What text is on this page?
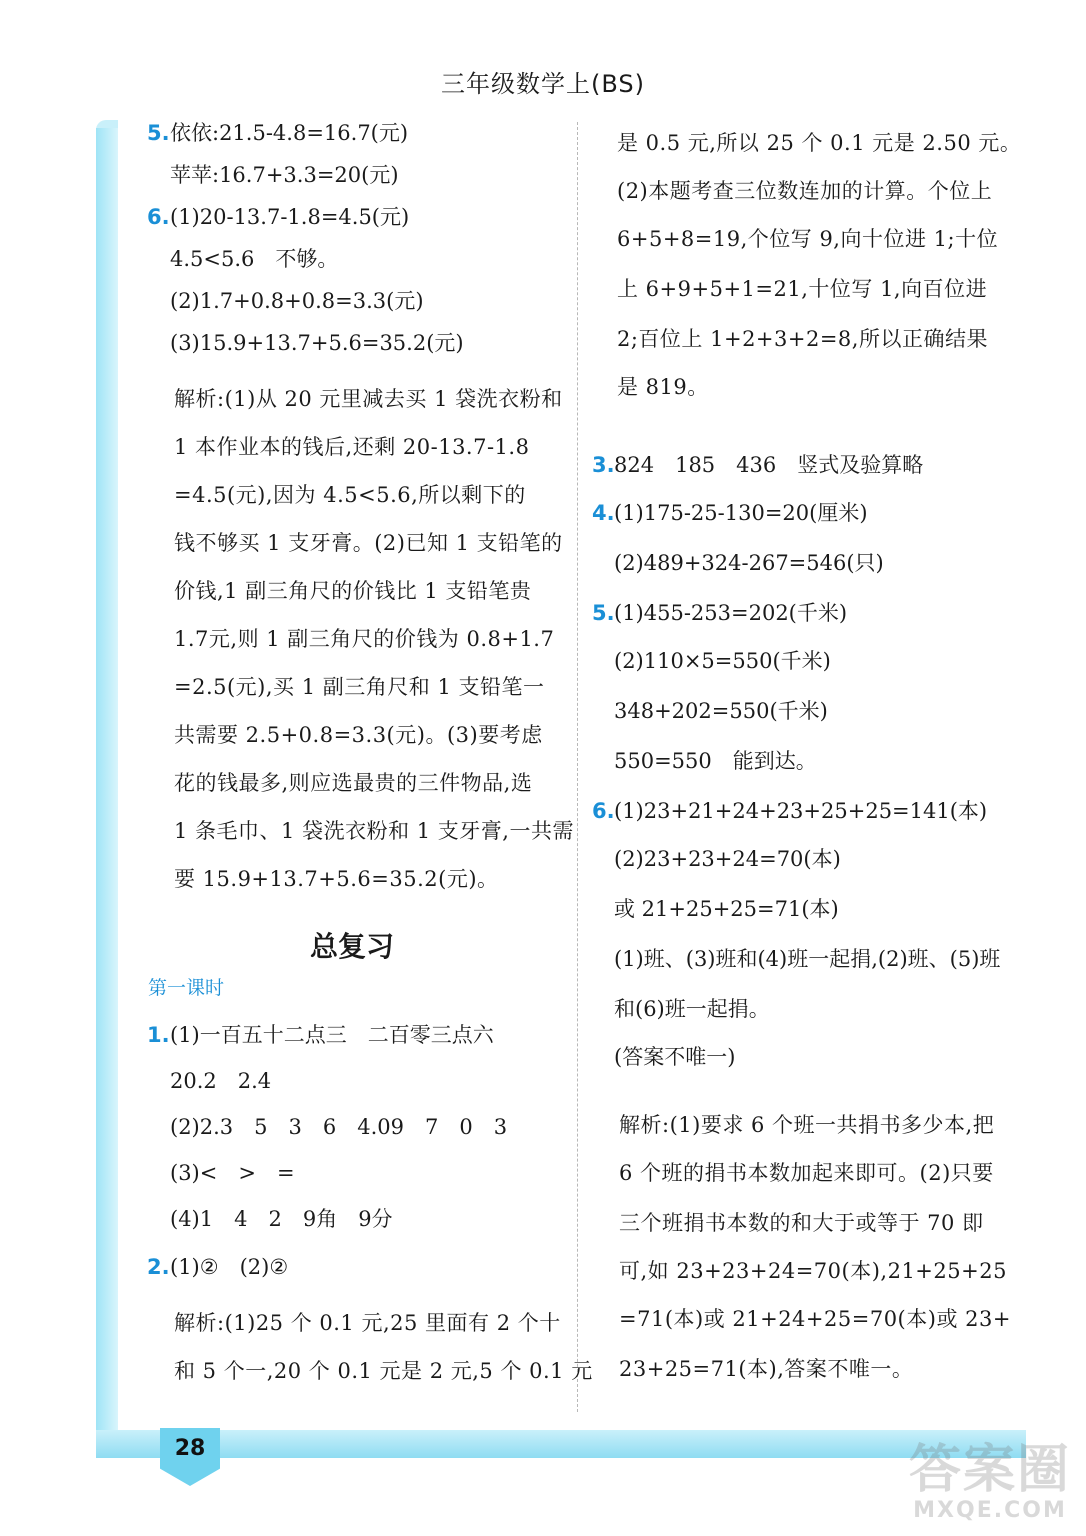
28
三年级数学上(BS)
5. 依依:21.5-4.8=16.7(元)
苹苹:16.7+3.3=20(元)
6. (1)20-13.7-1.8=4.5(元)
4.5<5.6　不够。
(2)1.7+0.8+0.8=3.3(元)
(3)15.9+13.7+5.6=35.2(元)
解析:(1)从 20 元里减去买 1 袋洗衣粉和
1 本作业本的钱后,还剩 20-13.7-1.8
=4.5(元),因为 4.5<5.6,所以剩下的
钱不够买 1 支牙膏。(2)已知 1 支铅笔的
价钱,1 副三角尺的价钱比 1 支铅笔贵
1.7元,则 1 副三角尺的价钱为 0.8+1.7
=2.5(元),买 1 副三角尺和 1 支铅笔一
共需要 2.5+0.8=3.3(元)。(3)要考虑
花的钱最多,则应选最贵的三件物品,选
1 条毛巾、1 袋洗衣粉和 1 支牙膏,一共需
要 15.9+13.7+5.6=35.2(元)。
总复习
第一课时
1. (1)一百五十二点三　二百零三点六
20.2　2.4
(2)2.3　5　3　6　4.09　7　0　3
(3)<　>　=
(4)1　4　2　9角　9分
2. (1)②　(2)②
解析:(1)25 个 0.1 元,25 里面有 2 个十
和 5 个一,20 个 0.1 元是 2 元,5 个 0.1 元
是 0.5 元,所以 25 个 0.1 元是 2.50 元。
(2)本题考查三位数连加的计算。个位上
6+5+8=19,个位写 9,向十位进 1;十位
上 6+9+5+1=21,十位写 1,向百位进
2;百位上 1+2+3+2=8,所以正确结果
是 819。
3. 824　185　436　竖式及验算略
4. (1)175-25-130=20(厘米)
(2)489+324-267=546(只)
5. (1)455-253=202(千米)
(2)110×5=550(千米)
348+202=550(千米)
550=550　能到达。
6. (1)23+21+24+23+25+25=141(本)
(2)23+23+24=70(本)
或 21+25+25=71(本)
(1)班、(3)班和(4)班一起捐,(2)班、(5)班
和(6)班一起捐。
(答案不唯一)
解析:(1)要求 6 个班一共捐书多少本,把
6 个班的捐书本数加起来即可。(2)只要
三个班捐书本数的和大于或等于 70 即
可,如 23+23+24=70(本),21+25+25
=71(本)或 21+24+25=70(本)或 23+
23+25=71(本),答案不唯一。
答案圈
MXQE.COM
